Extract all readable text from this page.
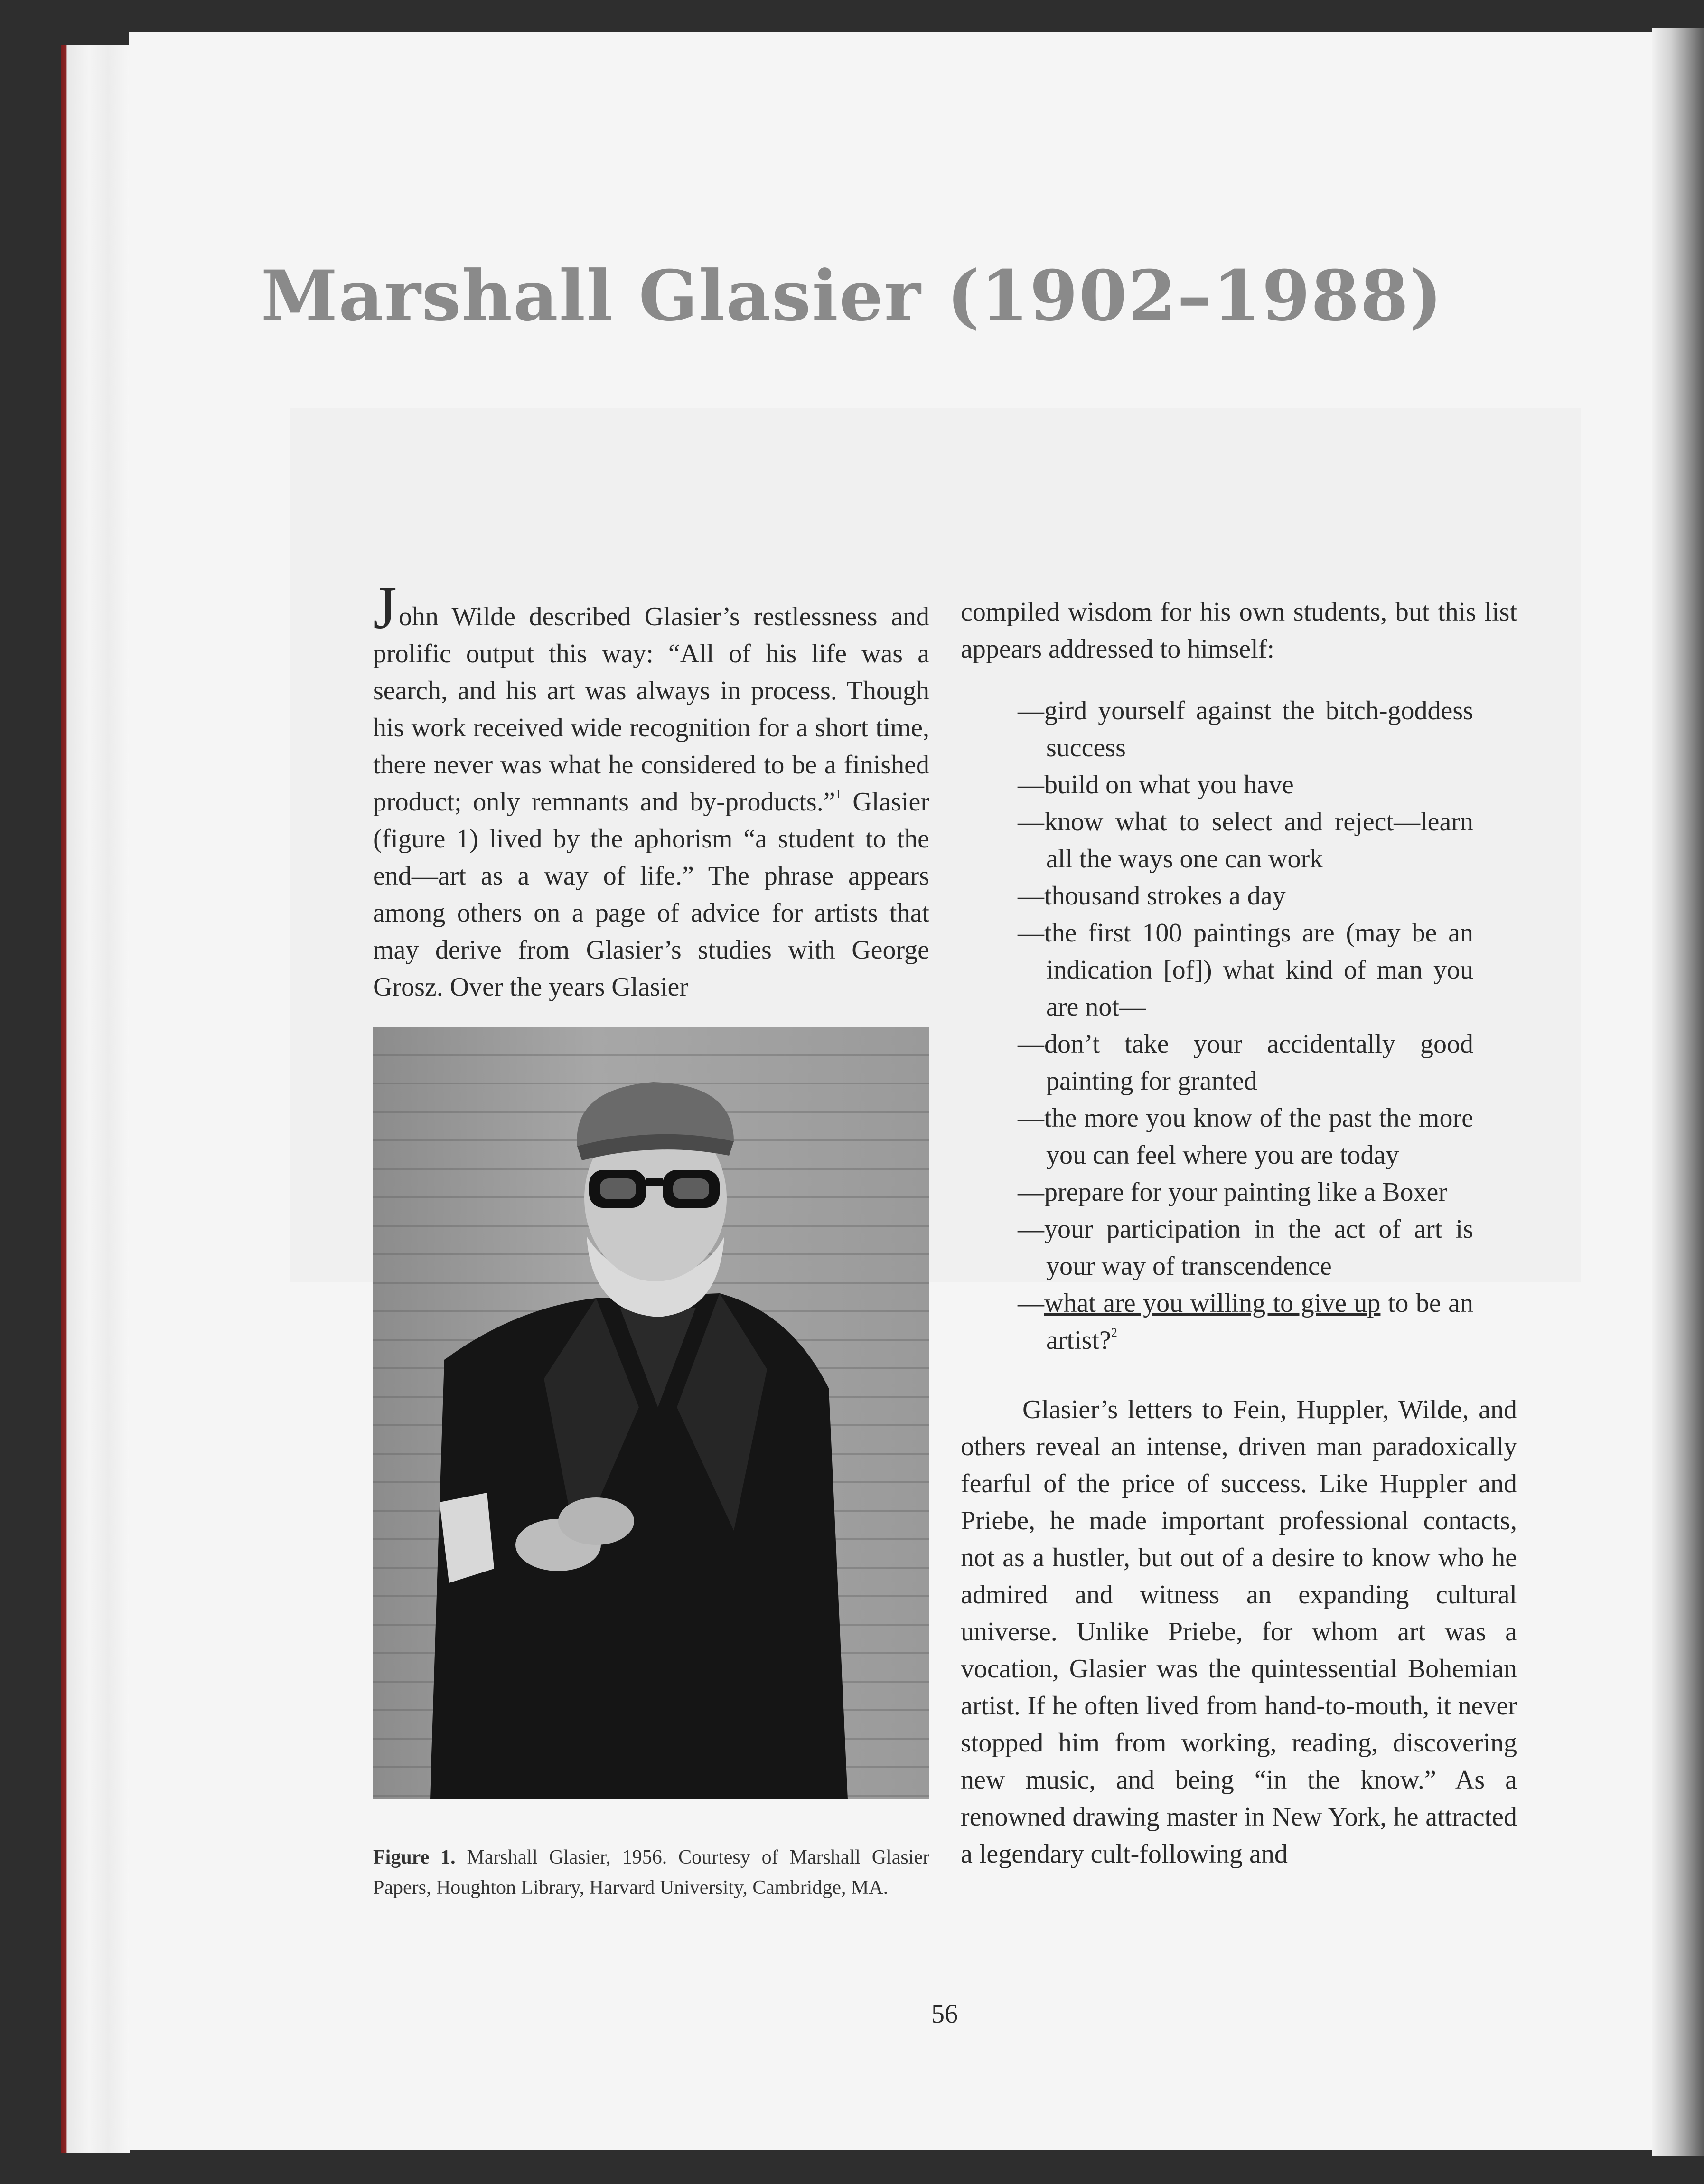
Marshall Glasier (1902–1988)

John Wilde described Glasier’s restlessness and prolific output this way: “All of his life was a search, and his art was always in process. Though his work received wide recognition for a short time, there never was what he considered to be a finished product; only remnants and by-products.”$^1$ Glasier (figure 1) lived by the aphorism “a student to the end—art as a way of life.” The phrase appears among others on a page of advice for artists that may derive from Glasier’s studies with George Grosz. Over the years Glasier

Figure 1. Marshall Glasier, 1956. Courtesy of Marshall Glasier Papers, Houghton Library, Harvard University, Cambridge, MA.

compiled wisdom for his own students, but this list appears addressed to himself:

—gird yourself against the bitch-goddess success
—build on what you have
—know what to select and reject—learn all the ways one can work
—thousand strokes a day
—the first 100 paintings are (may be an indication [of]) what kind of man you are not—
—don’t take your accidentally good painting for granted
—the more you know of the past the more you can feel where you are today
—prepare for your painting like a Boxer
—your participation in the act of art is your way of transcendence
—what are you willing to give up to be an artist?$^2$

Glasier’s letters to Fein, Huppler, Wilde, and others reveal an intense, driven man paradoxically fearful of the price of success. Like Huppler and Priebe, he made important professional contacts, not as a hustler, but out of a desire to know who he admired and witness an expanding cultural universe. Unlike Priebe, for whom art was a vocation, Glasier was the quintessential Bohemian artist. If he often lived from hand-to-mouth, it never stopped him from working, reading, discovering new music, and being “in the know.” As a renowned drawing master in New York, he attracted a legendary cult-following and

56
